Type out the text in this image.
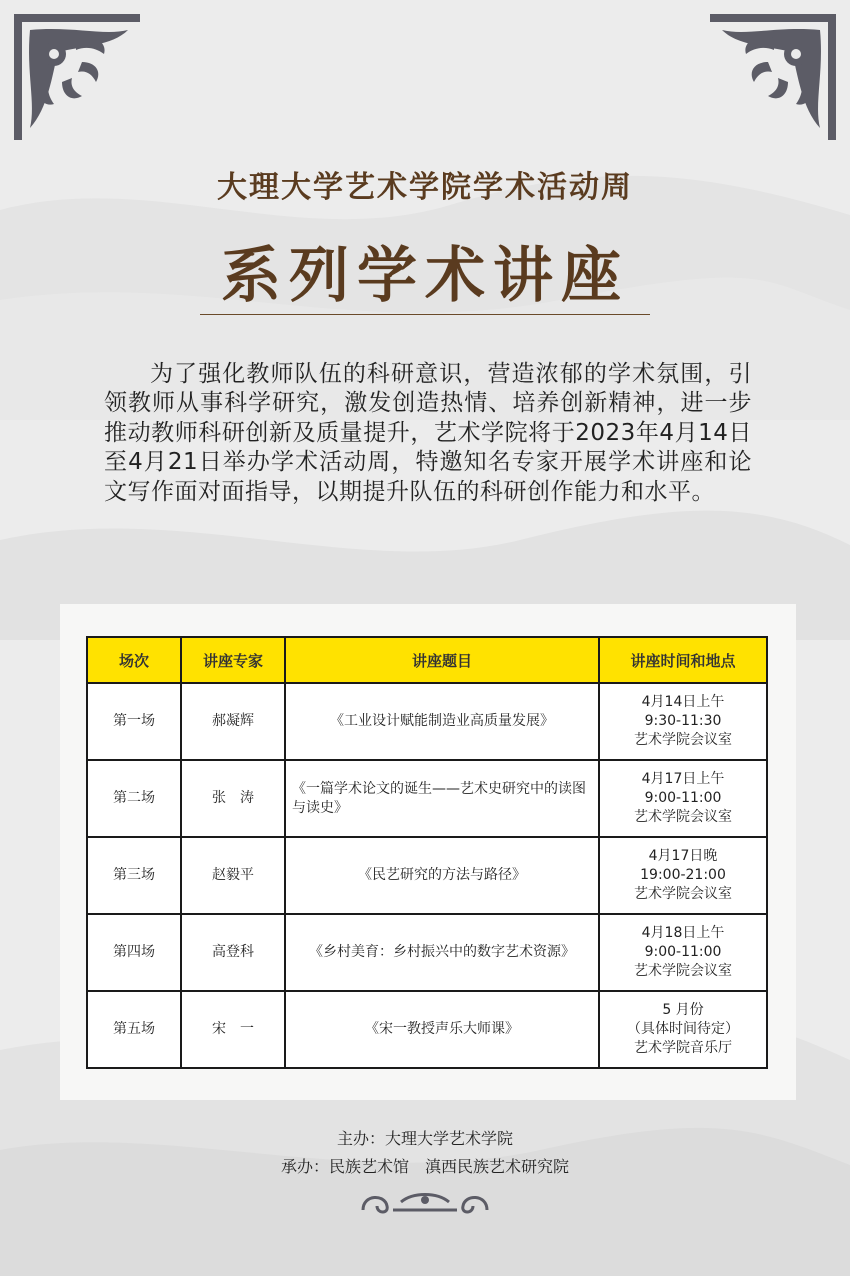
大理大学艺术学院学术活动周
系列学术讲座
为了强化教师队伍的科研意识，营造浓郁的学术氛围，引领教师从事科学研究，激发创造热情、培养创新精神，进一步推动教师科研创新及质量提升，艺术学院将于2023年4月14日至4月21日举办学术活动周，特邀知名专家开展学术讲座和论文写作面对面指导，以期提升队伍的科研创作能力和水平。
场次	讲座专家	讲座题目	讲座时间和地点
第一场	郝凝辉	《工业设计赋能制造业高质量发展》	4月14日上午
9:30-11:30
艺术学院会议室

第二场	张　涛	《一篇学术论文的诞生——艺术史研究中的读图与读史》	4月17日上午
9:00-11:00
艺术学院会议室

第三场	赵毅平	《民艺研究的方法与路径》	4月17日晚
19:00-21:00
艺术学院会议室

第四场	高登科	《乡村美育：乡村振兴中的数字艺术资源》	4月18日上午
9:00-11:00
艺术学院会议室

第五场	宋　一	《宋一教授声乐大师课》	5 月份
（具体时间待定）
艺术学院音乐厅
主办：大理大学艺术学院
承办：民族艺术馆　滇西民族艺术研究院
